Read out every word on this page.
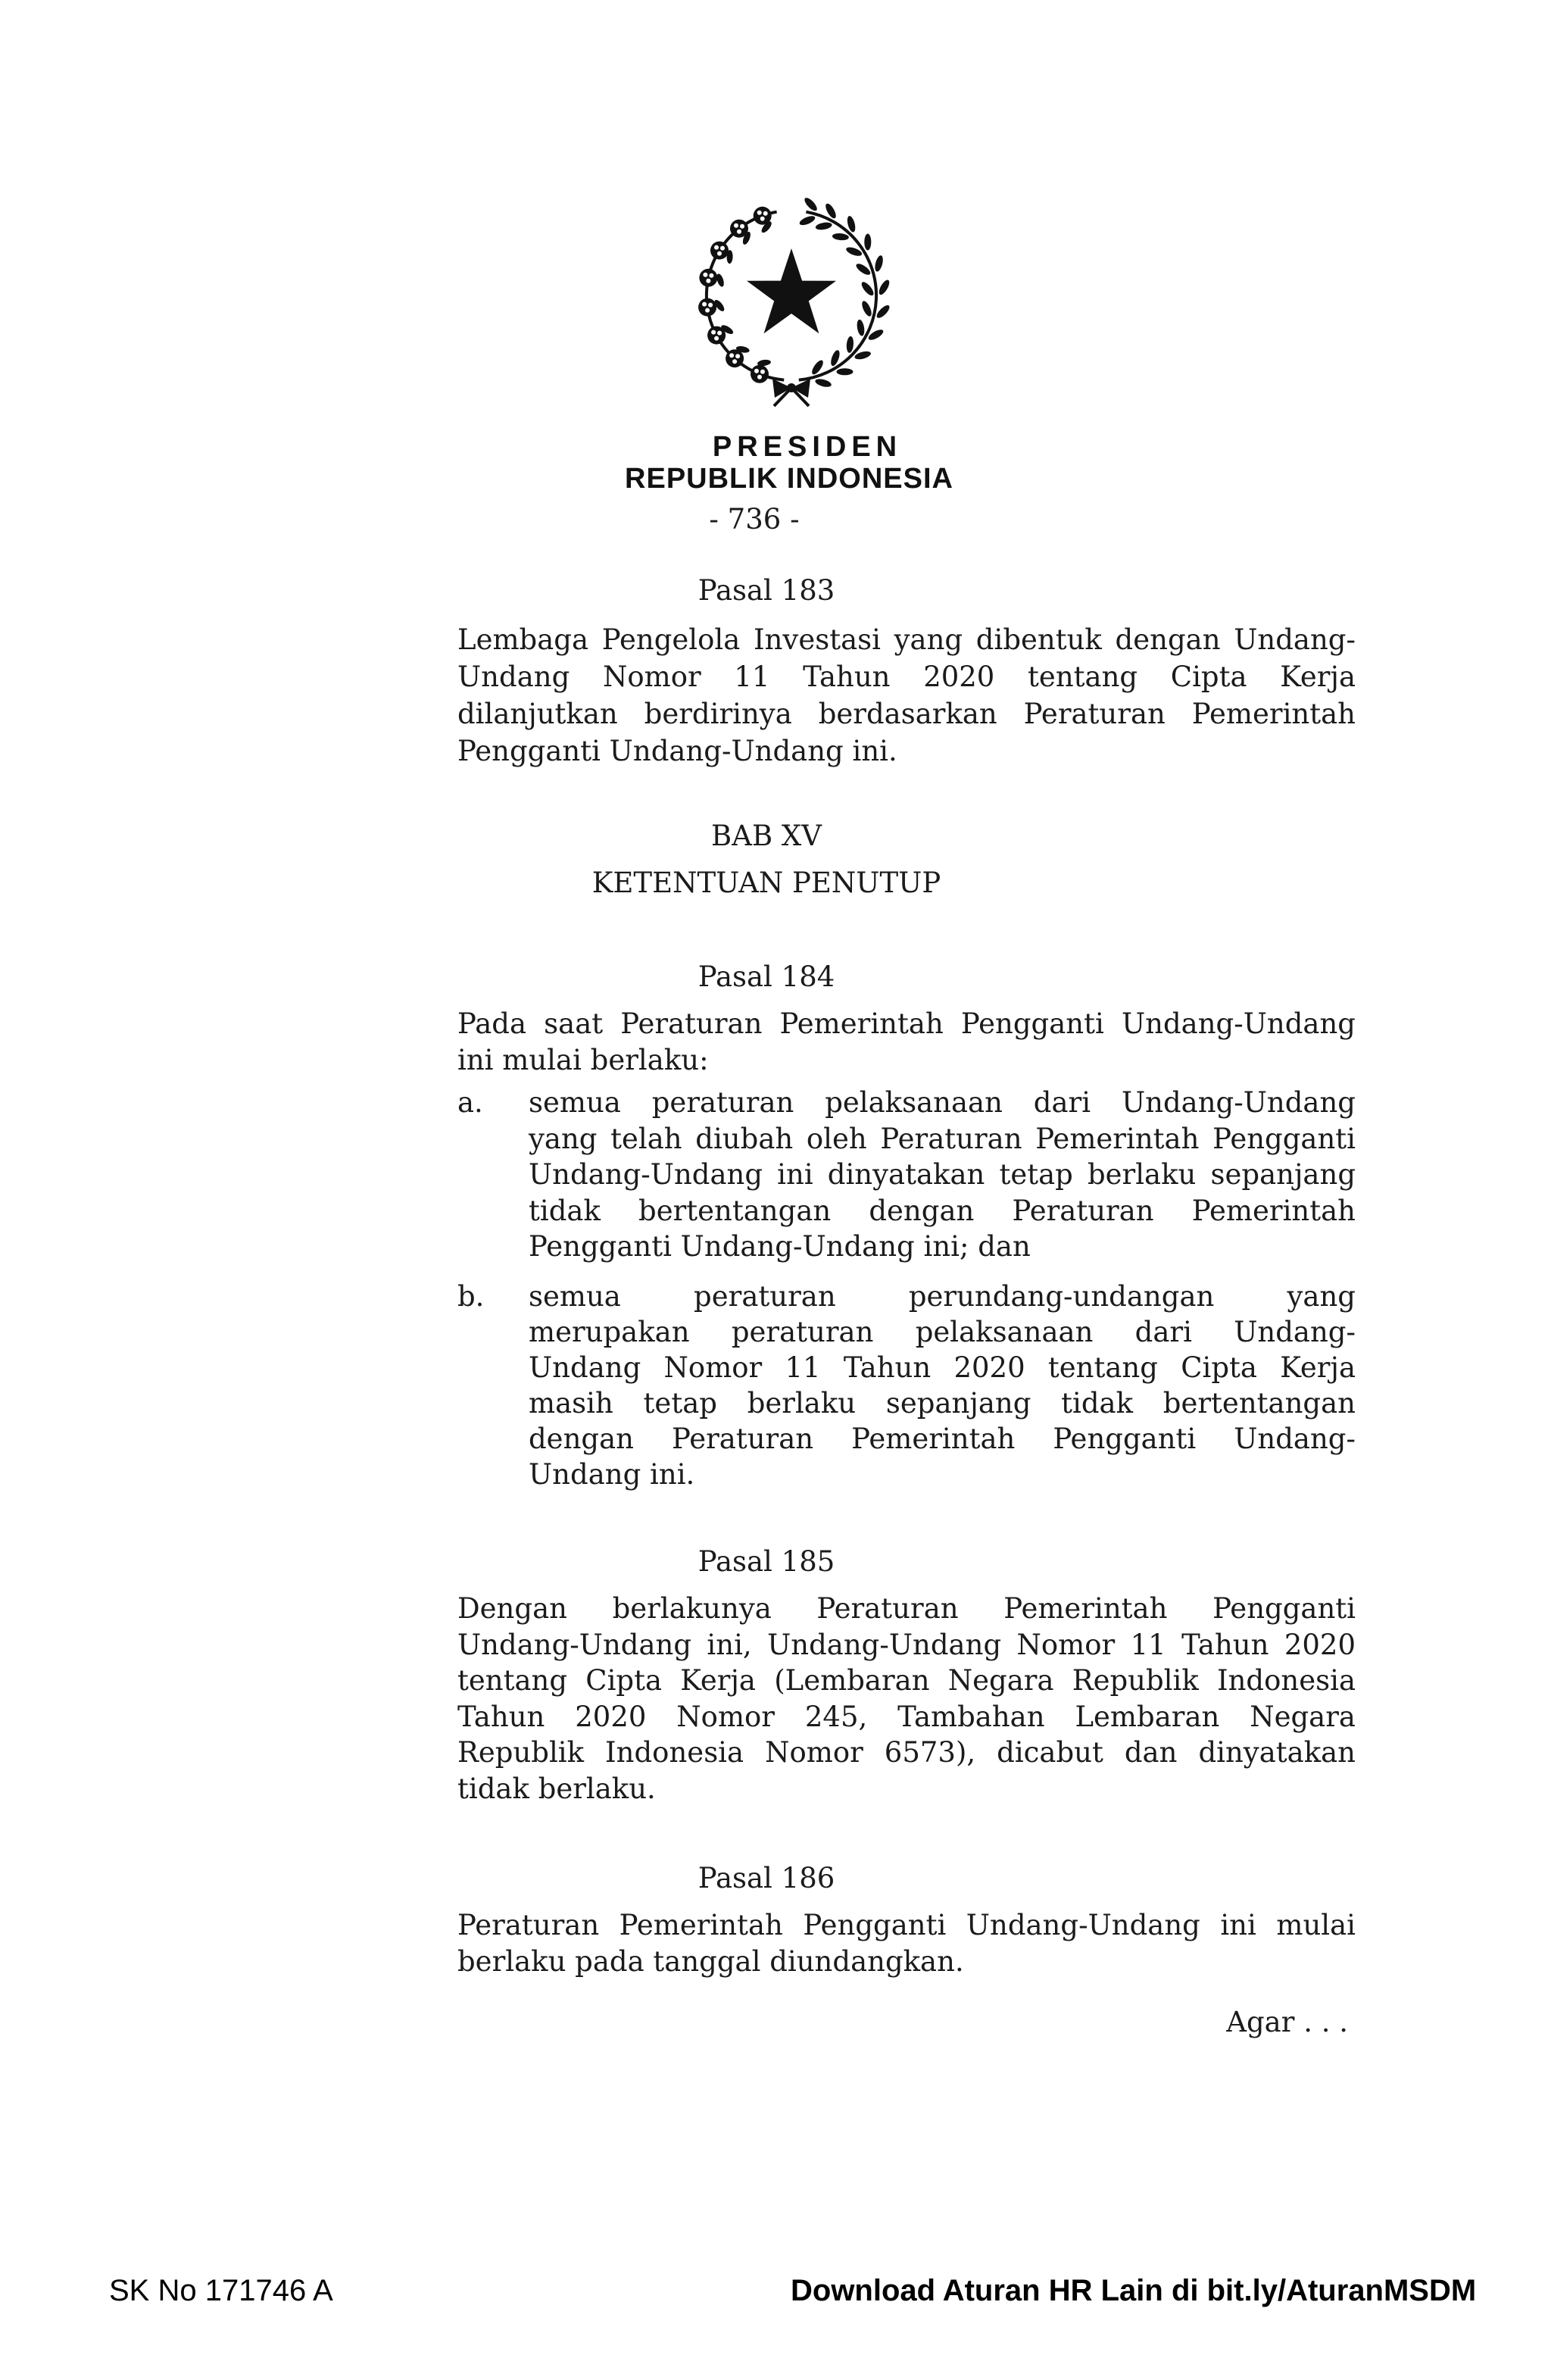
PRESIDEN
REPUBLIK INDONESIA
- 736 -
Pasal 183
Lembaga Pengelola Investasi yang dibentuk dengan Undang-
Undang Nomor 11 Tahun 2020 tentang Cipta Kerja
dilanjutkan berdirinya berdasarkan Peraturan Pemerintah
Pengganti Undang-Undang ini.
BAB XV
KETENTUAN PENUTUP
Pasal 184
Pada saat Peraturan Pemerintah Pengganti Undang-Undang
ini mulai berlaku:
a.	semua peraturan pelaksanaan dari Undang-Undang
yang telah diubah oleh Peraturan Pemerintah Pengganti
Undang-Undang ini dinyatakan tetap berlaku sepanjang
tidak bertentangan dengan Peraturan Pemerintah
Pengganti Undang-Undang ini; dan
b.	semua peraturan perundang-undangan yang
merupakan peraturan pelaksanaan dari Undang-
Undang Nomor 11 Tahun 2020 tentang Cipta Kerja
masih tetap berlaku sepanjang tidak bertentangan
dengan Peraturan Pemerintah Pengganti Undang-
Undang ini.
Pasal 185
Dengan berlakunya Peraturan Pemerintah Pengganti
Undang-Undang ini, Undang-Undang Nomor 11 Tahun 2020
tentang Cipta Kerja (Lembaran Negara Republik Indonesia
Tahun 2020 Nomor 245, Tambahan Lembaran Negara
Republik Indonesia Nomor 6573), dicabut dan dinyatakan
tidak berlaku.
Pasal 186
Peraturan Pemerintah Pengganti Undang-Undang ini mulai
berlaku pada tanggal diundangkan.
Agar . . .
SK No 171746 A	Download Aturan HR Lain di bit.ly/AturanMSDM
